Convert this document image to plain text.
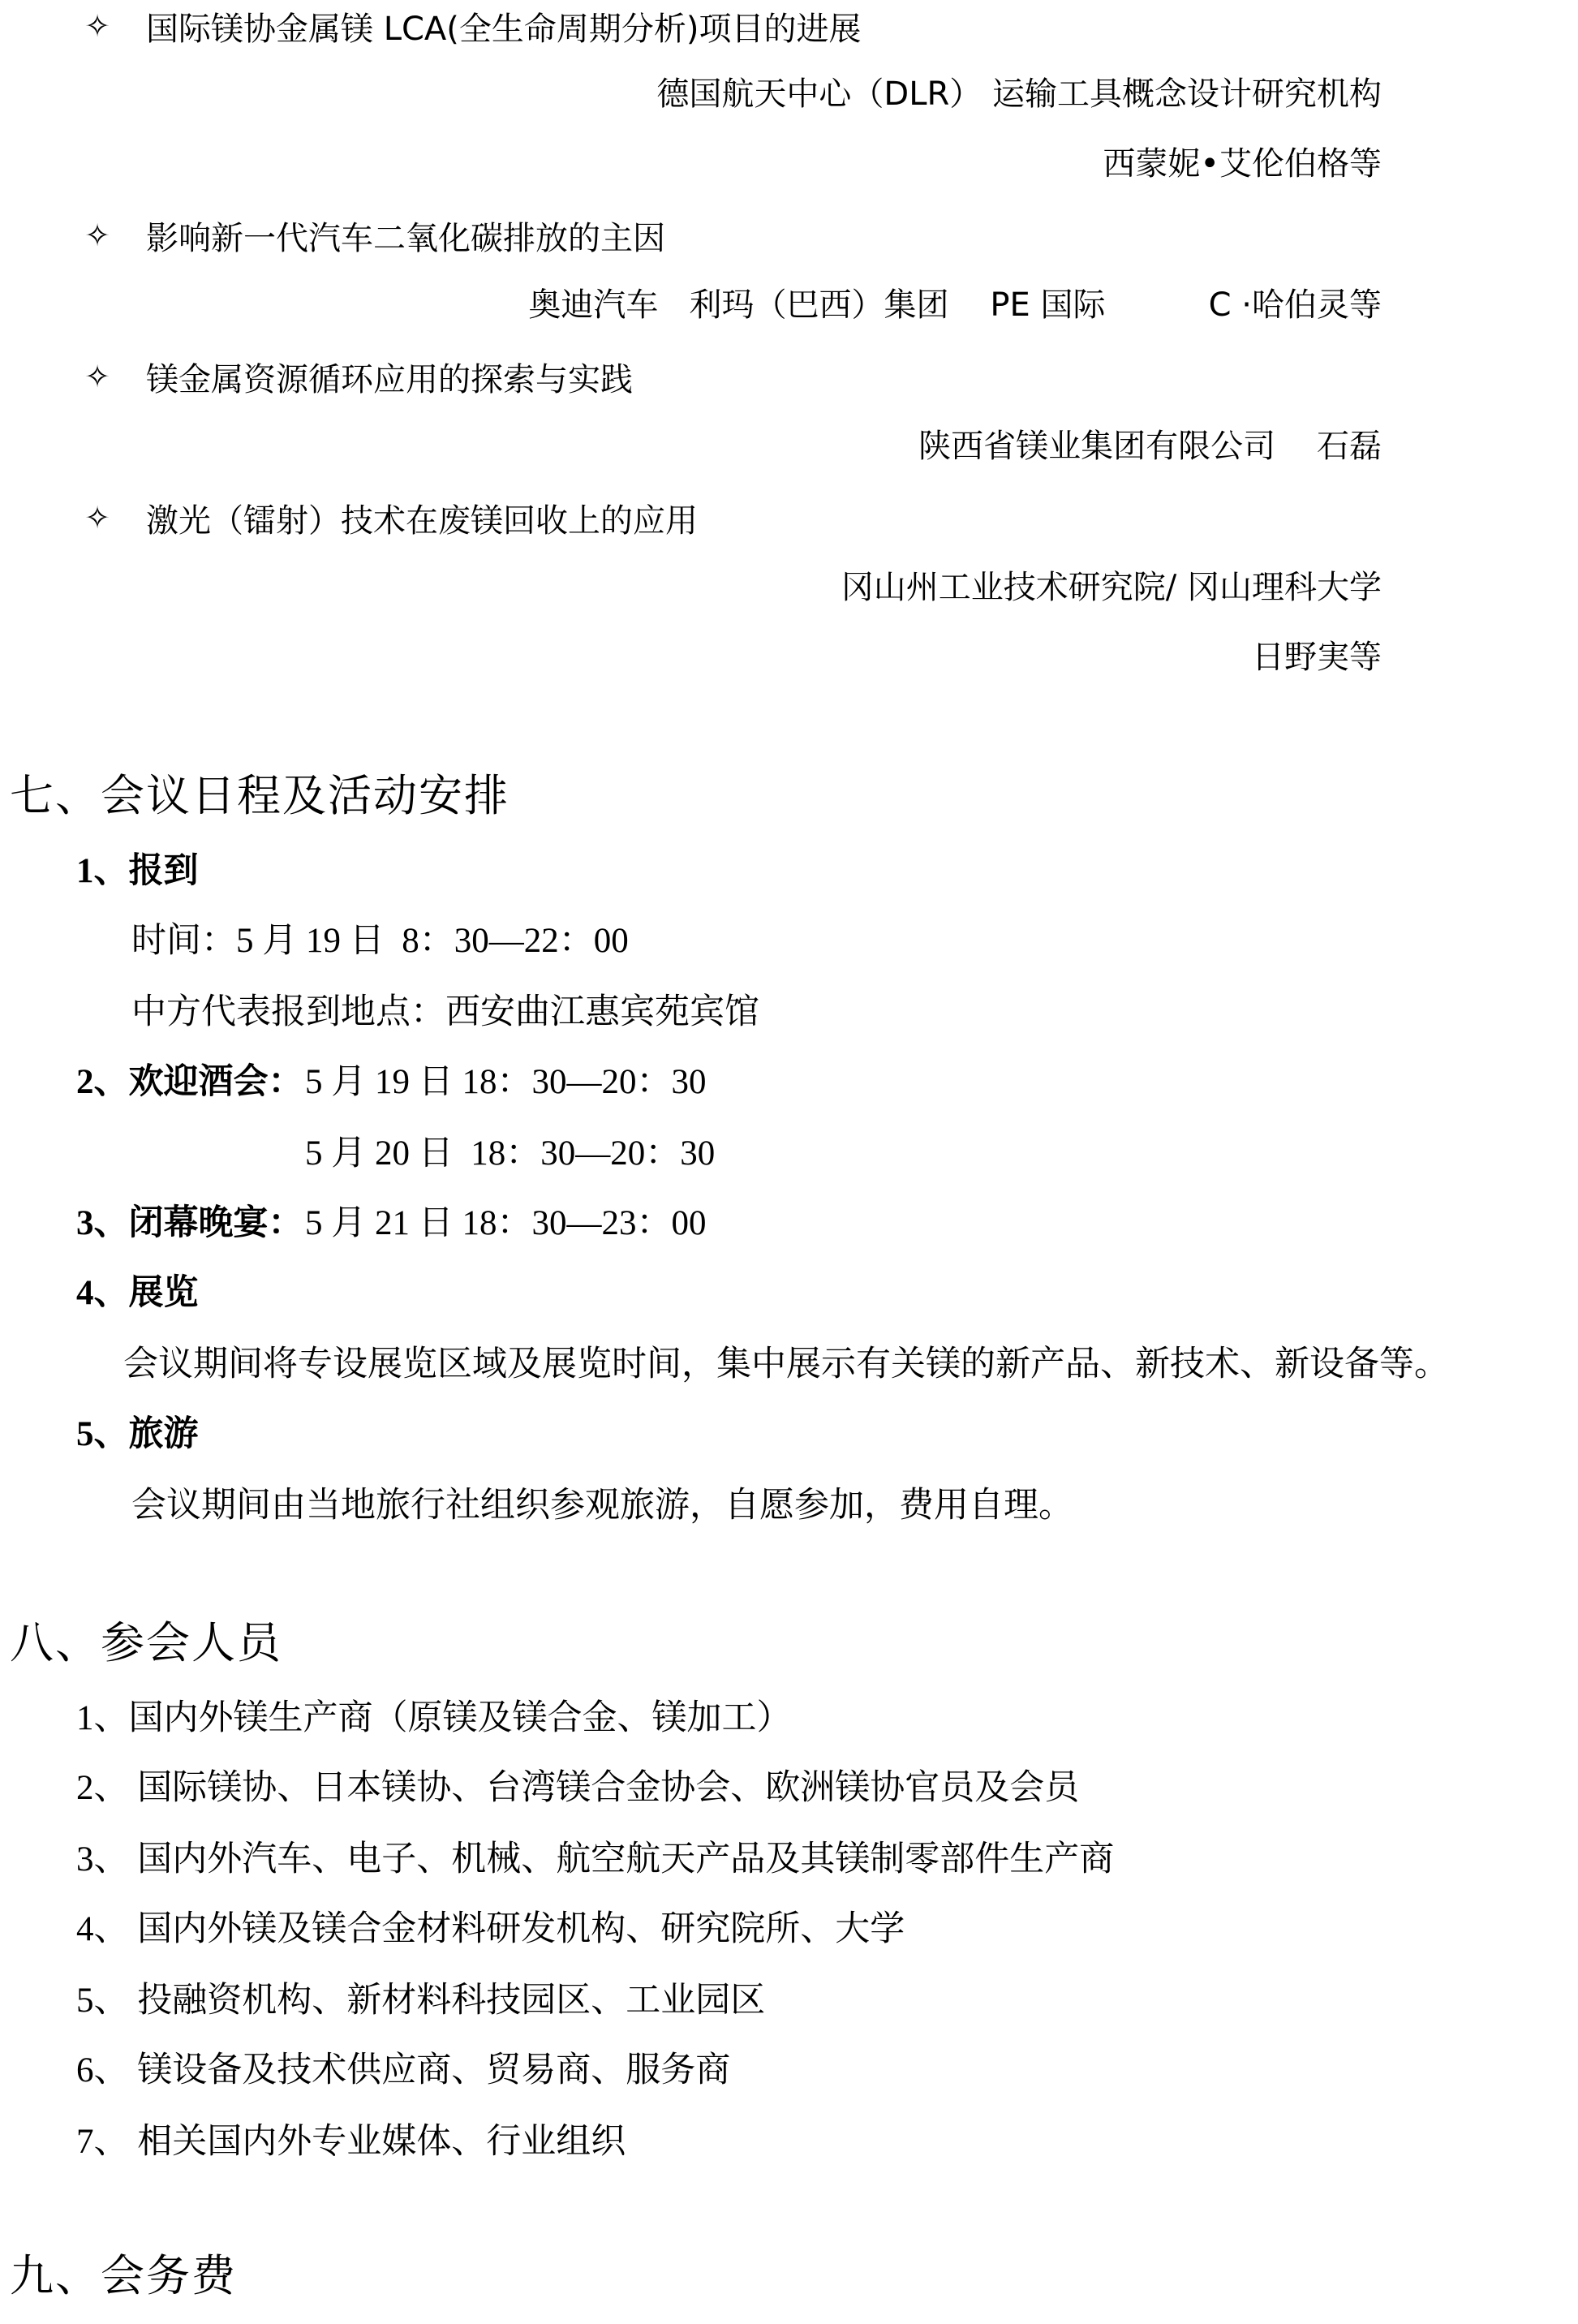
✧	国际镁协金属镁 LCA(全生命周期分析)项目的进展
德国航天中心（DLR） 运输工具概念设计研究机构
西蒙妮•艾伦伯格等
✧	影响新一代汽车二氧化碳排放的主因
奥迪汽车   利玛（巴西）集团    PE 国际          C ·哈伯灵等
✧	镁金属资源循环应用的探索与实践
陕西省镁业集团有限公司    石磊
✧	激光（镭射）技术在废镁回收上的应用
冈山州工业技术研究院/ 冈山理科大学
日野実等
七、会议日程及活动安排
1、报到
时间：5 月 19 日  8：30—22：00
中方代表报到地点：西安曲江惠宾苑宾馆
2、欢迎酒会： 5 月 19 日 18：30—20：30
5 月 20 日  18：30—20：30
3、闭幕晚宴： 5 月 21 日 18：30—23：00
4、展览
会议期间将专设展览区域及展览时间，集中展示有关镁的新产品、新技术、新设备等。
5、旅游
会议期间由当地旅行社组织参观旅游，自愿参加，费用自理。
八、参会人员
1、国内外镁生产商（原镁及镁合金、镁加工）
2、 国际镁协、日本镁协、台湾镁合金协会、欧洲镁协官员及会员
3、 国内外汽车、电子、机械、航空航天产品及其镁制零部件生产商
4、 国内外镁及镁合金材料研发机构、研究院所、大学
5、 投融资机构、新材料科技园区、工业园区
6、 镁设备及技术供应商、贸易商、服务商
7、 相关国内外专业媒体、行业组织
九、会务费
